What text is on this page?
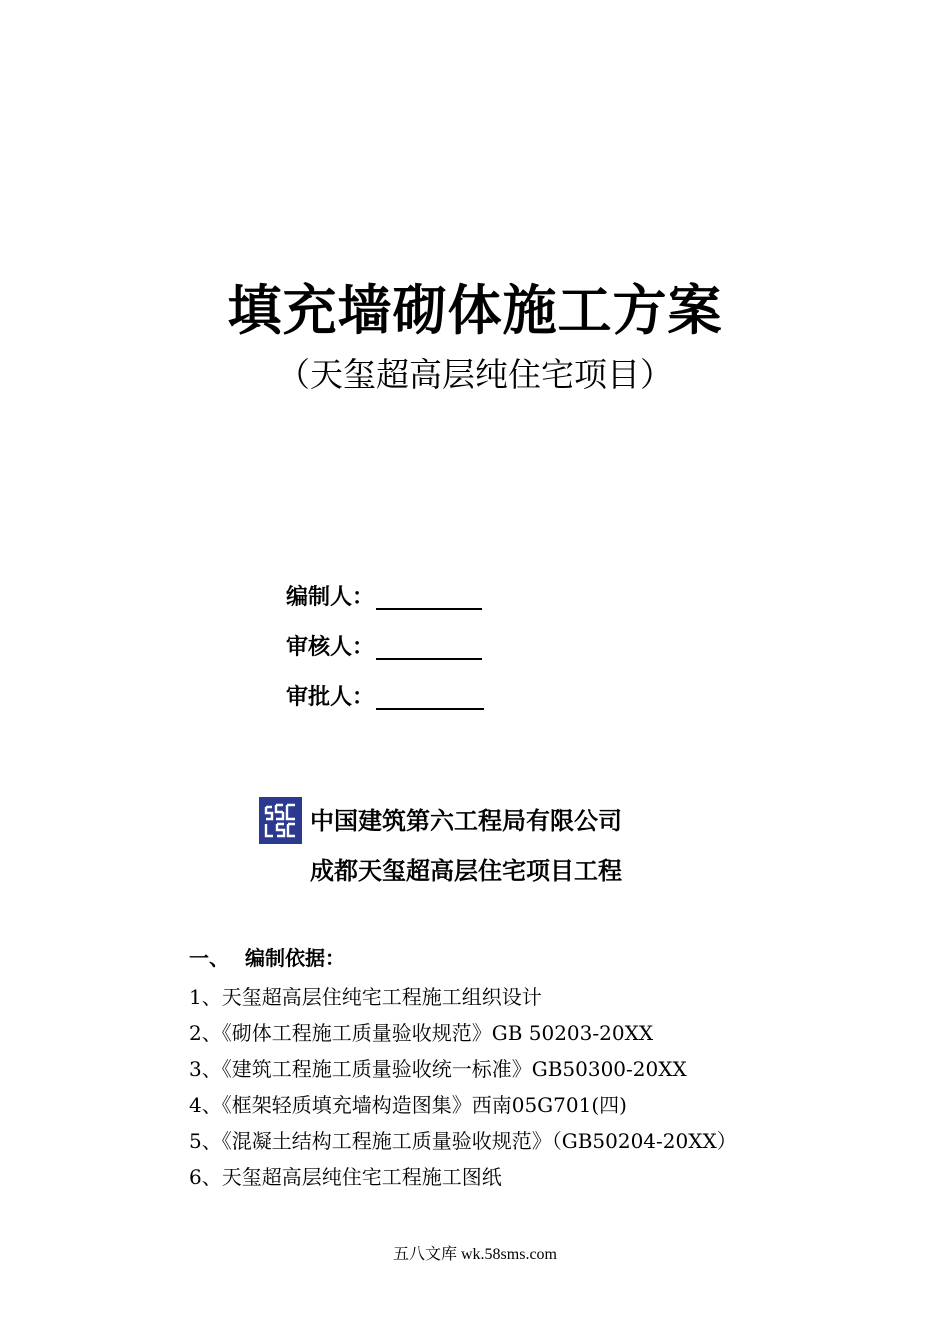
填充墙砌体施工方案
（天玺超高层纯住宅项目）
编制人：
审核人：
审批人：
中国建筑第六工程局有限公司
成都天玺超高层住宅项目工程
一、 编制依据：
1、天玺超高层住纯宅工程施工组织设计
2、《砌体工程施工质量验收规范》GB 50203-20XX
3、《建筑工程施工质量验收统一标准》GB50300-20XX
4、《框架轻质填充墙构造图集》西南05G701(四)
5、《混凝土结构工程施工质量验收规范》（GB50204-20XX）
6、天玺超高层纯住宅工程施工图纸
五八文库 wk.58sms.com
